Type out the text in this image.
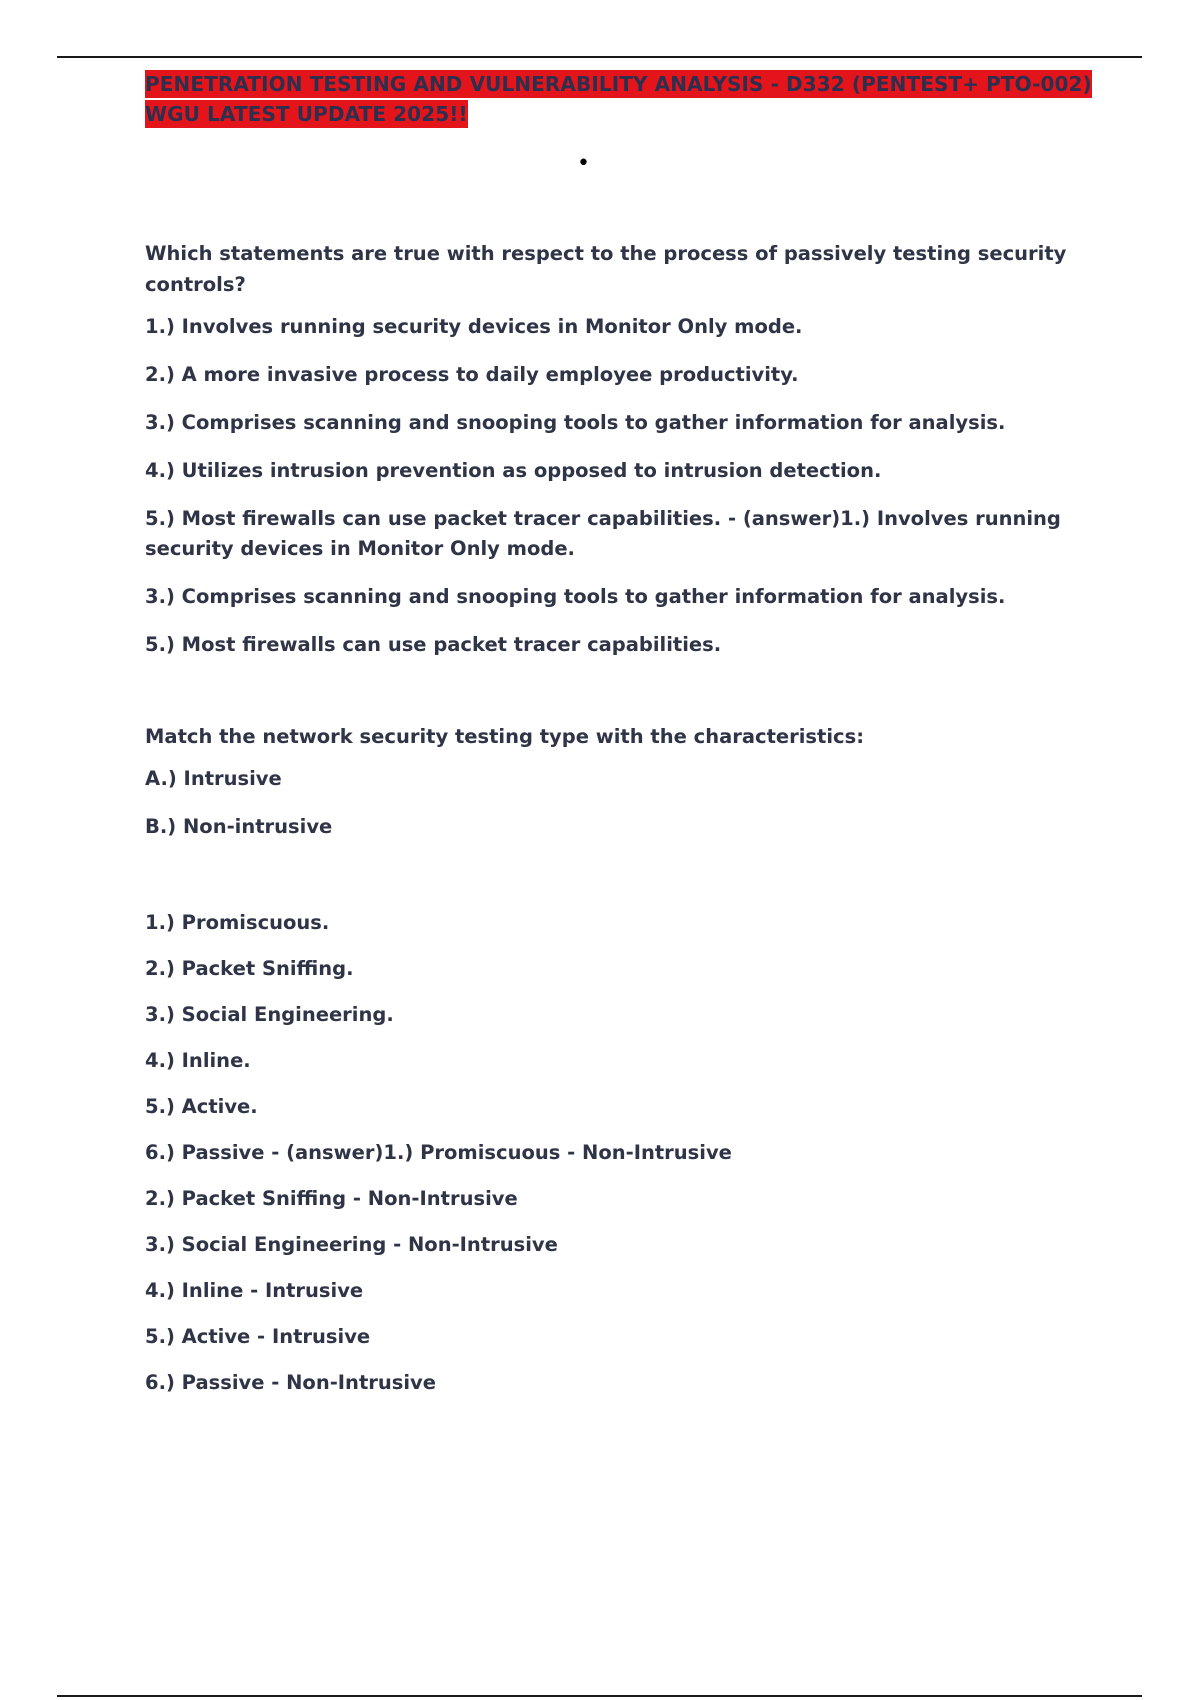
PENETRATION TESTING AND VULNERABILITY ANALYSIS - D332 (PENTEST+ PTO-002)
WGU LATEST UPDATE 2025!!

•

Which statements are true with respect to the process of passively testing security controls?

1.) Involves running security devices in Monitor Only mode.

2.) A more invasive process to daily employee productivity.

3.) Comprises scanning and snooping tools to gather information for analysis.

4.) Utilizes intrusion prevention as opposed to intrusion detection.

5.) Most firewalls can use packet tracer capabilities. - (answer)1.) Involves running security devices in Monitor Only mode.

3.) Comprises scanning and snooping tools to gather information for analysis.

5.) Most firewalls can use packet tracer capabilities.

Match the network security testing type with the characteristics:

A.) Intrusive

B.) Non-intrusive

1.) Promiscuous.

2.) Packet Sniffing.

3.) Social Engineering.

4.) Inline.

5.) Active.

6.) Passive - (answer)1.) Promiscuous - Non-Intrusive

2.) Packet Sniffing - Non-Intrusive

3.) Social Engineering - Non-Intrusive

4.) Inline - Intrusive

5.) Active - Intrusive

6.) Passive - Non-Intrusive
